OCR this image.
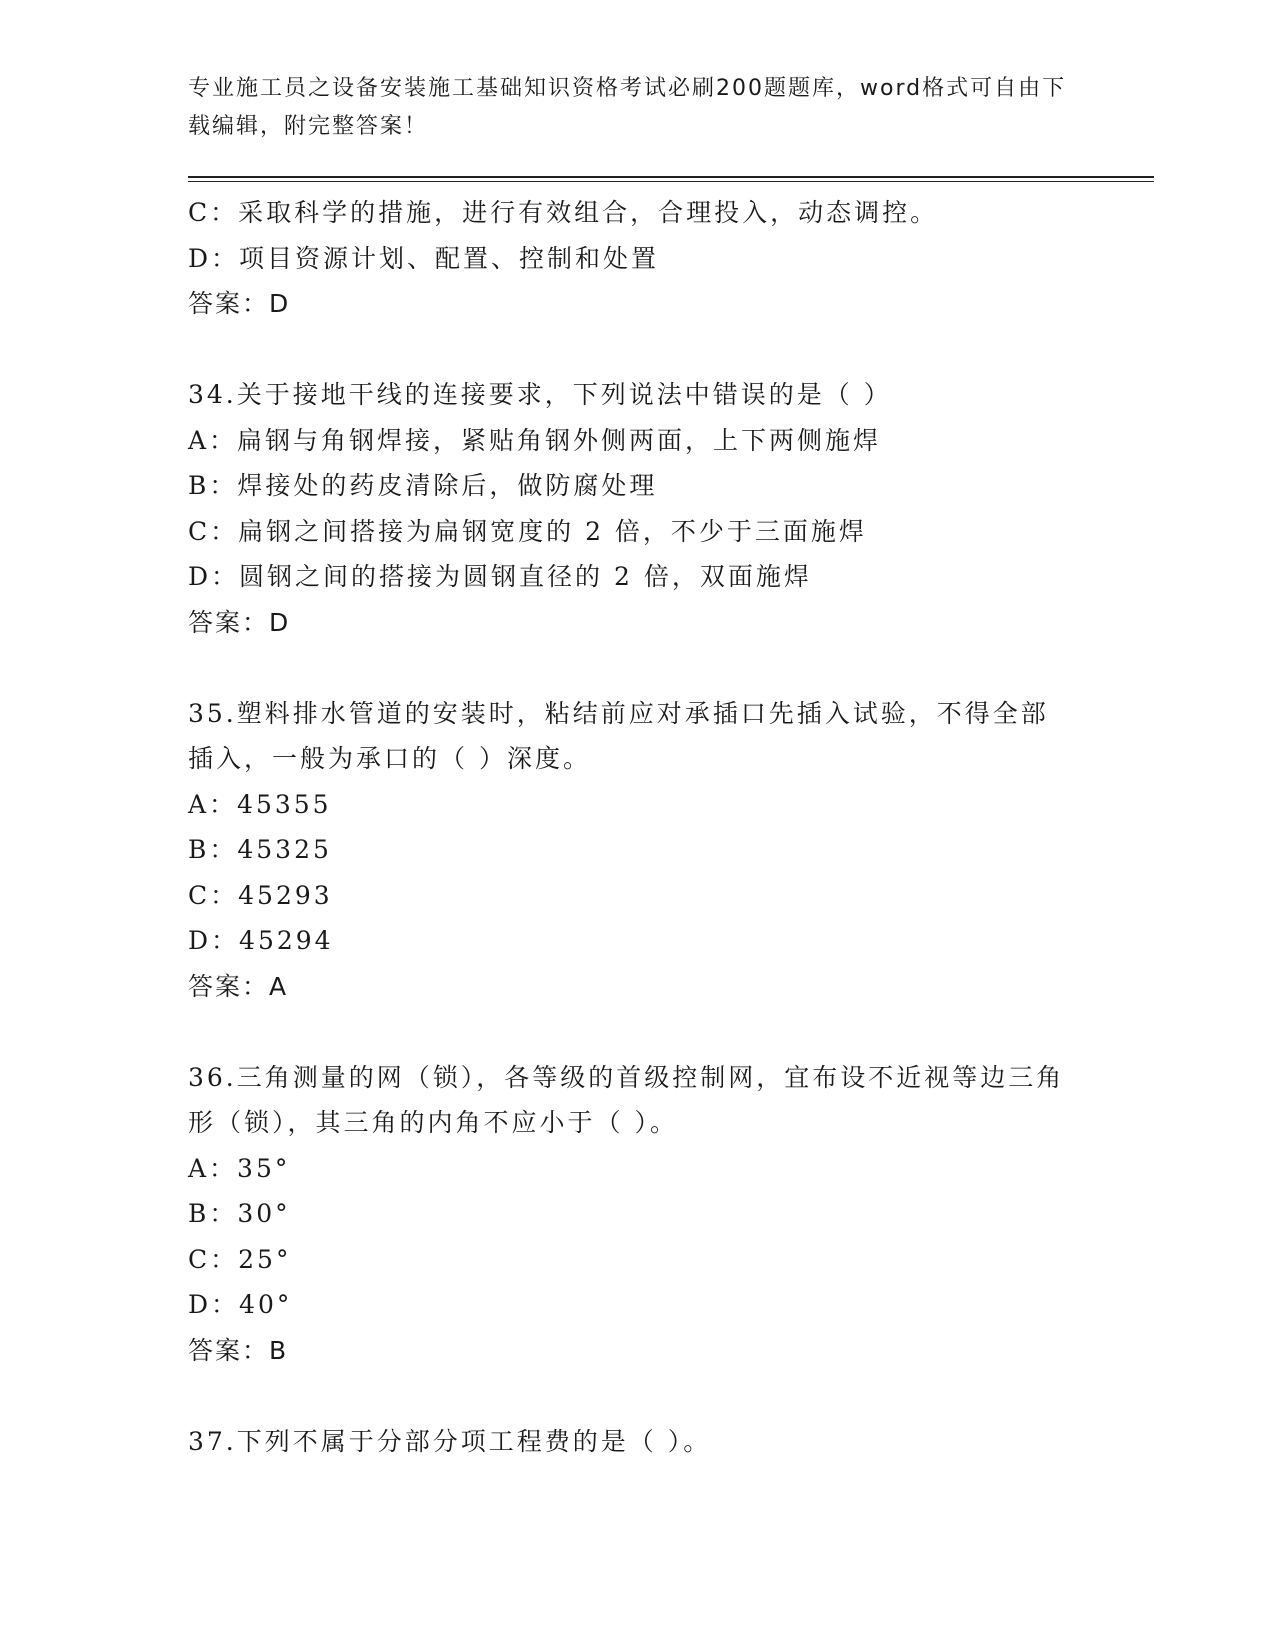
专业施工员之设备安装施工基础知识资格考试必刷200题题库，word格式可自由下载编辑，附完整答案！
C：采取科学的措施，进行有效组合，合理投入，动态调控。
D：项目资源计划、配置、控制和处置
答案：D
34.关于接地干线的连接要求，下列说法中错误的是（ ）
A：扁钢与角钢焊接，紧贴角钢外侧两面，上下两侧施焊
B：焊接处的药皮清除后，做防腐处理
C：扁钢之间搭接为扁钢宽度的 2 倍，不少于三面施焊
D：圆钢之间的搭接为圆钢直径的 2 倍，双面施焊
答案：D
35.塑料排水管道的安装时，粘结前应对承插口先插入试验，不得全部插入，一般为承口的（ ）深度。
A：45355
B：45325
C：45293
D：45294
答案：A
36.三角测量的网（锁），各等级的首级控制网，宜布设不近视等边三角形（锁），其三角的内角不应小于（ ）。
A：35°
B：30°
C：25°
D：40°
答案：B
37.下列不属于分部分项工程费的是（ ）。
